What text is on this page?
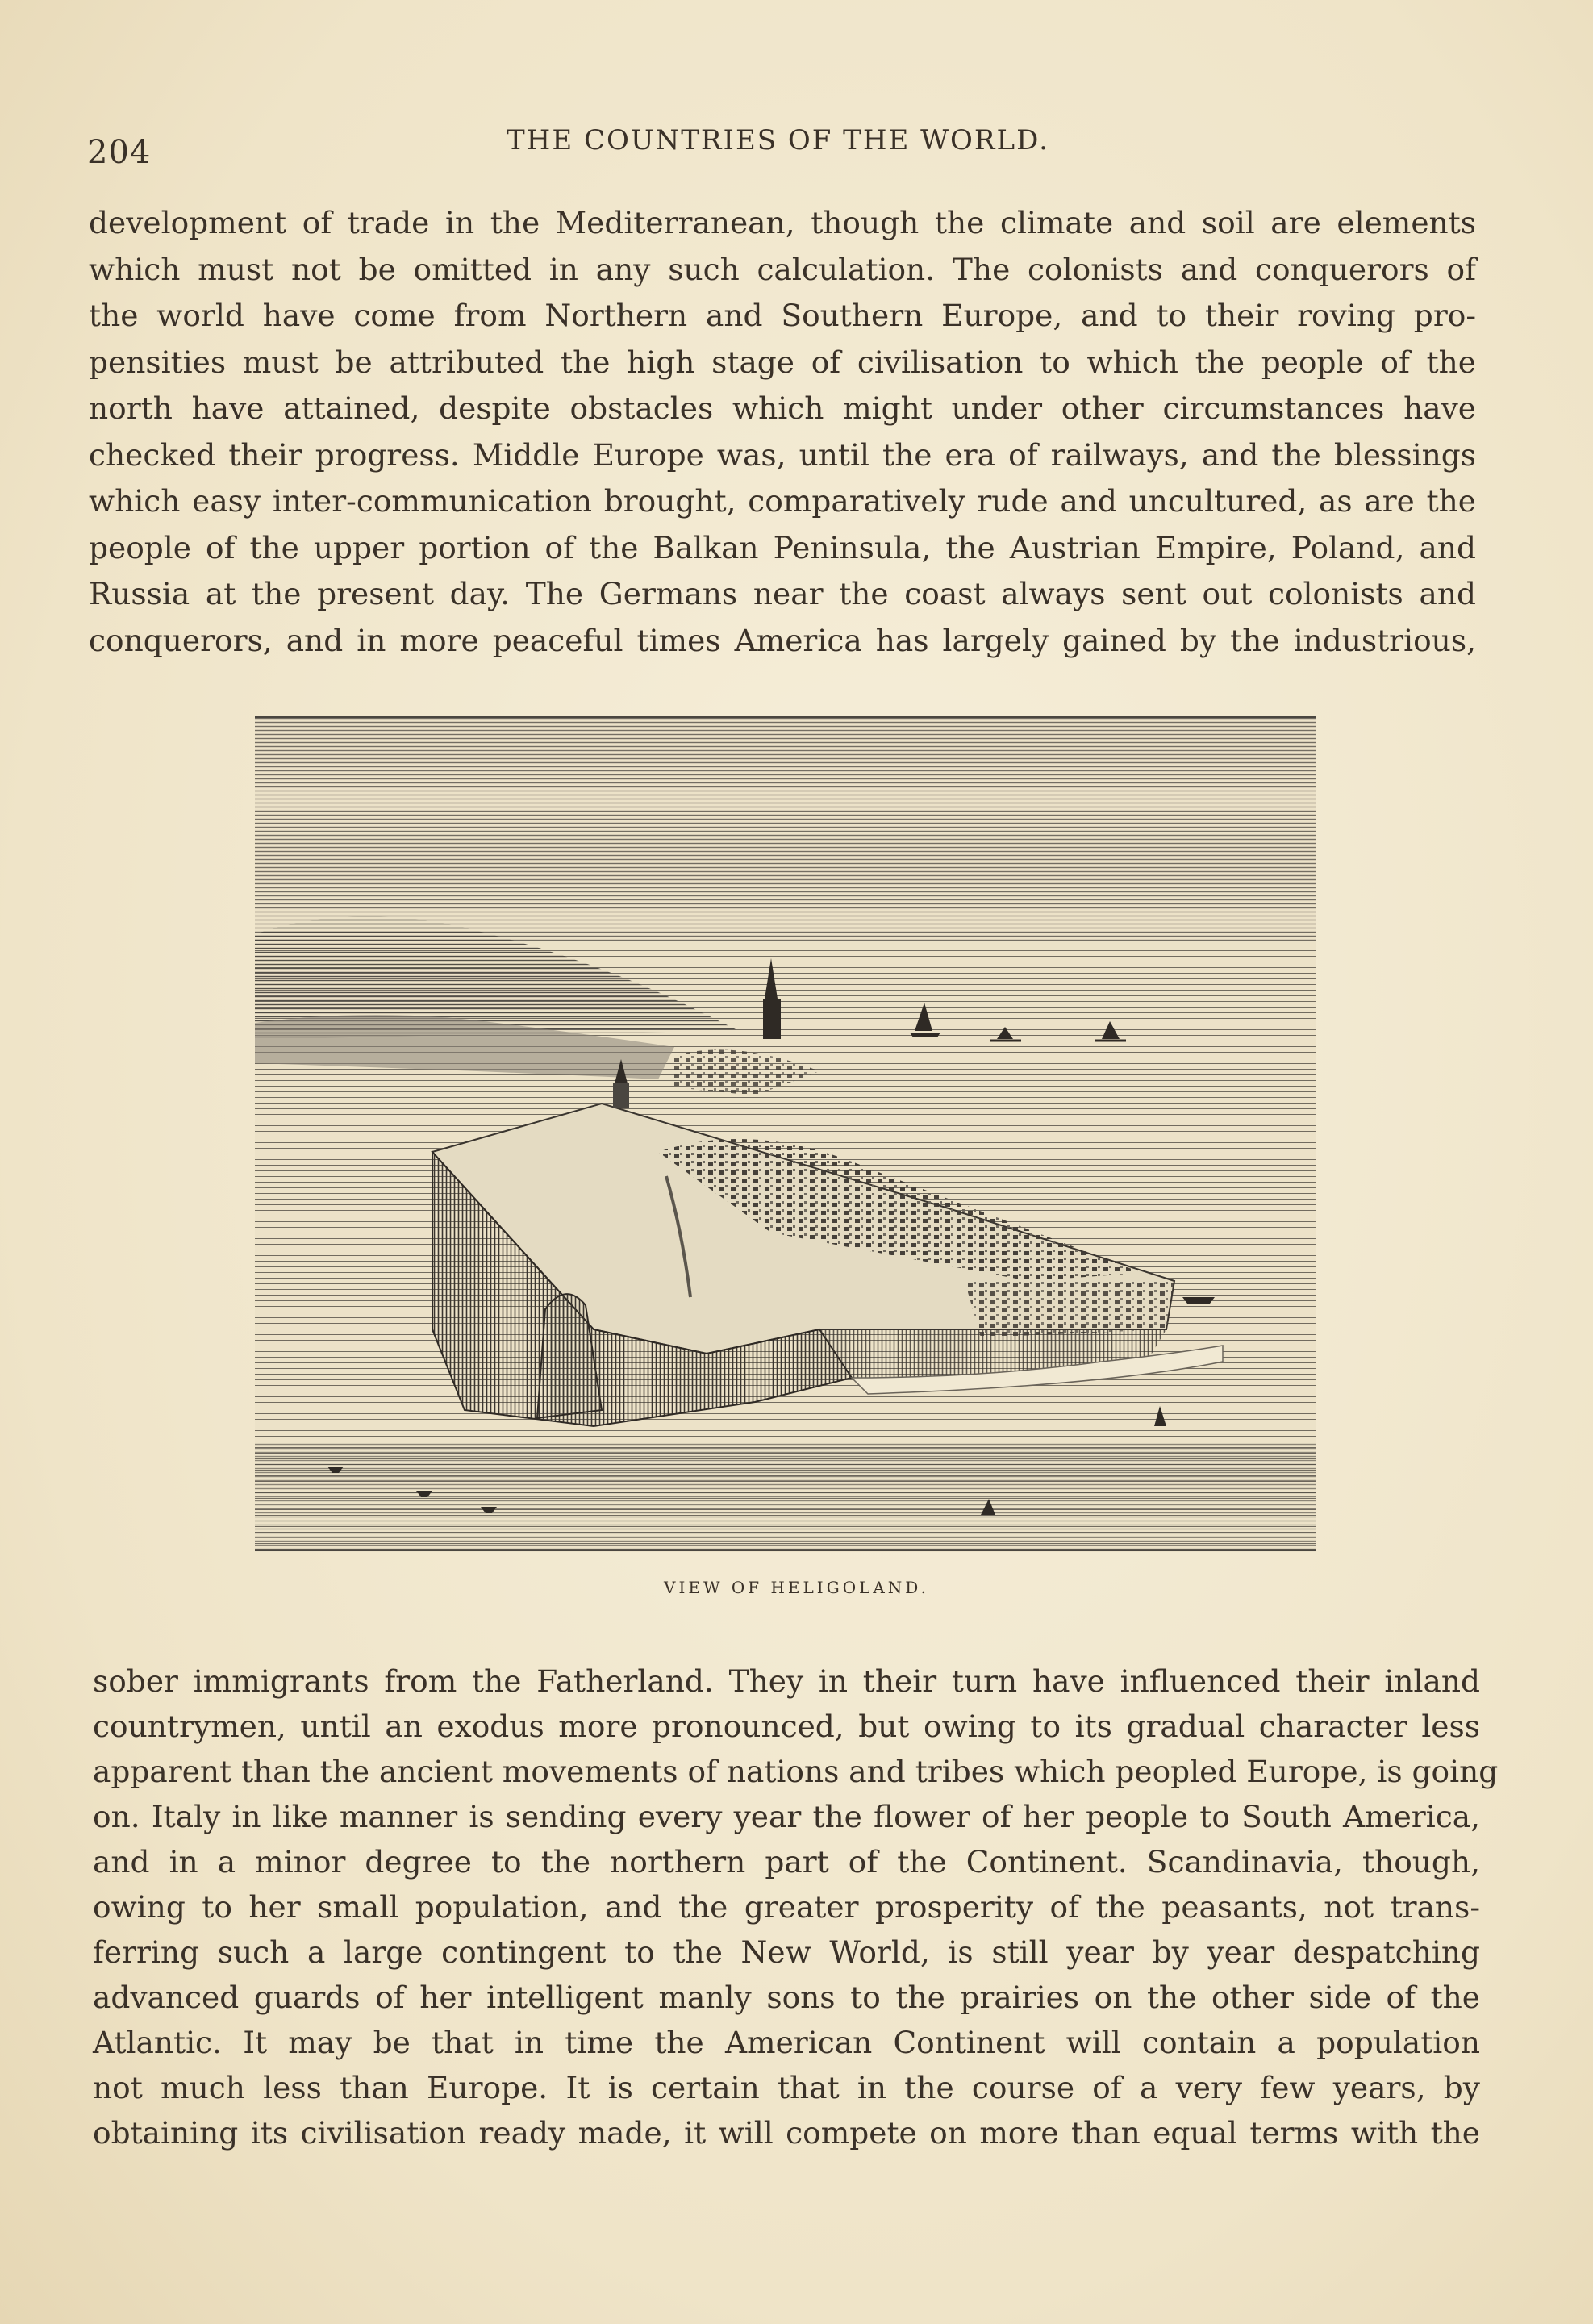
204	THE COUNTRIES OF THE WORLD.

development of trade in the Mediterranean, though the climate and soil are elements
which must not be omitted in any such calculation. The colonists and conquerors of
the world have come from Northern and Southern Europe, and to their roving pro-
pensities must be attributed the high stage of civilisation to which the people of the
north have attained, despite obstacles which might under other circumstances have
checked their progress. Middle Europe was, until the era of railways, and the blessings
which easy inter-communication brought, comparatively rude and uncultured, as are the
people of the upper portion of the Balkan Peninsula, the Austrian Empire, Poland, and
Russia at the present day. The Germans near the coast always sent out colonists and
conquerors, and in more peaceful times America has largely gained by the industrious,

VIEW OF HELIGOLAND.

sober immigrants from the Fatherland. They in their turn have influenced their inland
countrymen, until an exodus more pronounced, but owing to its gradual character less
apparent than the ancient movements of nations and tribes which peopled Europe, is going
on. Italy in like manner is sending every year the flower of her people to South America,
and in a minor degree to the northern part of the Continent. Scandinavia, though,
owing to her small population, and the greater prosperity of the peasants, not trans-
ferring such a large contingent to the New World, is still year by year despatching
advanced guards of her intelligent manly sons to the prairies on the other side of the
Atlantic. It may be that in time the American Continent will contain a population
not much less than Europe. It is certain that in the course of a very few years, by
obtaining its civilisation ready made, it will compete on more than equal terms with the
